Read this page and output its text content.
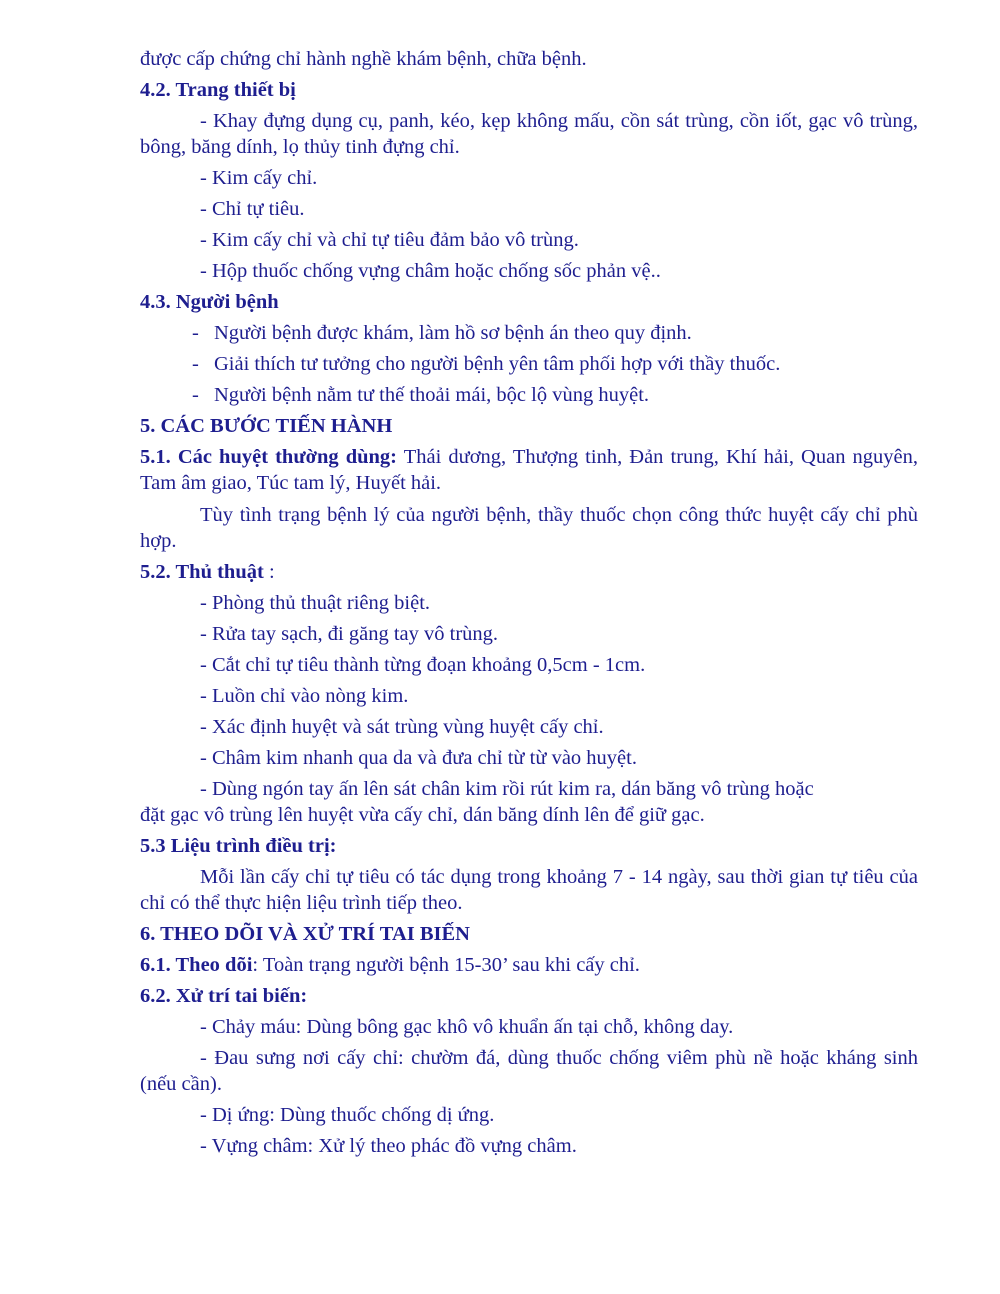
được cấp chứng chỉ hành nghề khám bệnh, chữa bệnh.

4.2. Trang thiết bị

- Khay đựng dụng cụ, panh, kéo, kẹp không mấu, cồn sát trùng, cồn iốt, gạc vô trùng, bông, băng dính, lọ thủy tinh đựng chỉ.

- Kim cấy chỉ.

- Chỉ tự tiêu.

- Kim cấy chỉ và chỉ tự tiêu đảm bảo vô trùng.

- Hộp thuốc chống vựng châm hoặc chống sốc phản vệ..

4.3. Người bệnh

- Người bệnh được khám, làm hồ sơ bệnh án theo quy định.

- Giải thích tư tưởng cho người bệnh yên tâm phối hợp với thầy thuốc.

- Người bệnh nằm tư thế thoải mái, bộc lộ vùng huyệt.

5. CÁC BƯỚC TIẾN HÀNH

5.1. Các huyệt thường dùng: Thái dương, Thượng tinh, Đản trung, Khí hải, Quan nguyên, Tam âm giao, Túc tam lý, Huyết hải.

Tùy tình trạng bệnh lý của người bệnh, thầy thuốc chọn công thức huyệt cấy chỉ phù hợp.

5.2. Thủ thuật :

- Phòng thủ thuật riêng biệt.

- Rửa tay sạch, đi găng tay vô trùng.

- Cắt chỉ tự tiêu thành từng đoạn khoảng 0,5cm - 1cm.

- Luồn chỉ vào nòng kim.

- Xác định huyệt và sát trùng vùng huyệt cấy chỉ.

- Châm kim nhanh qua da và đưa chỉ từ từ vào huyệt.

- Dùng ngón tay ấn lên sát chân kim rồi rút kim ra, dán băng vô trùng hoặc

đặt gạc vô trùng lên huyệt vừa cấy chỉ, dán băng dính lên để giữ gạc.

5.3 Liệu trình điều trị:

Mỗi lần cấy chỉ tự tiêu có tác dụng trong khoảng 7 - 14 ngày, sau thời gian tự tiêu của chỉ có thể thực hiện liệu trình tiếp theo.

6. THEO DÕI VÀ XỬ TRÍ TAI BIẾN

6.1. Theo dõi: Toàn trạng người bệnh 15-30’ sau khi cấy chỉ.

6.2. Xử trí tai biến:

- Chảy máu: Dùng bông gạc khô vô khuẩn ấn tại chỗ, không day.

- Đau sưng nơi cấy chỉ: chườm đá, dùng thuốc chống viêm phù nề hoặc kháng sinh (nếu cần).

- Dị ứng: Dùng thuốc chống dị ứng.

- Vựng châm: Xử lý theo phác đồ vựng châm.
